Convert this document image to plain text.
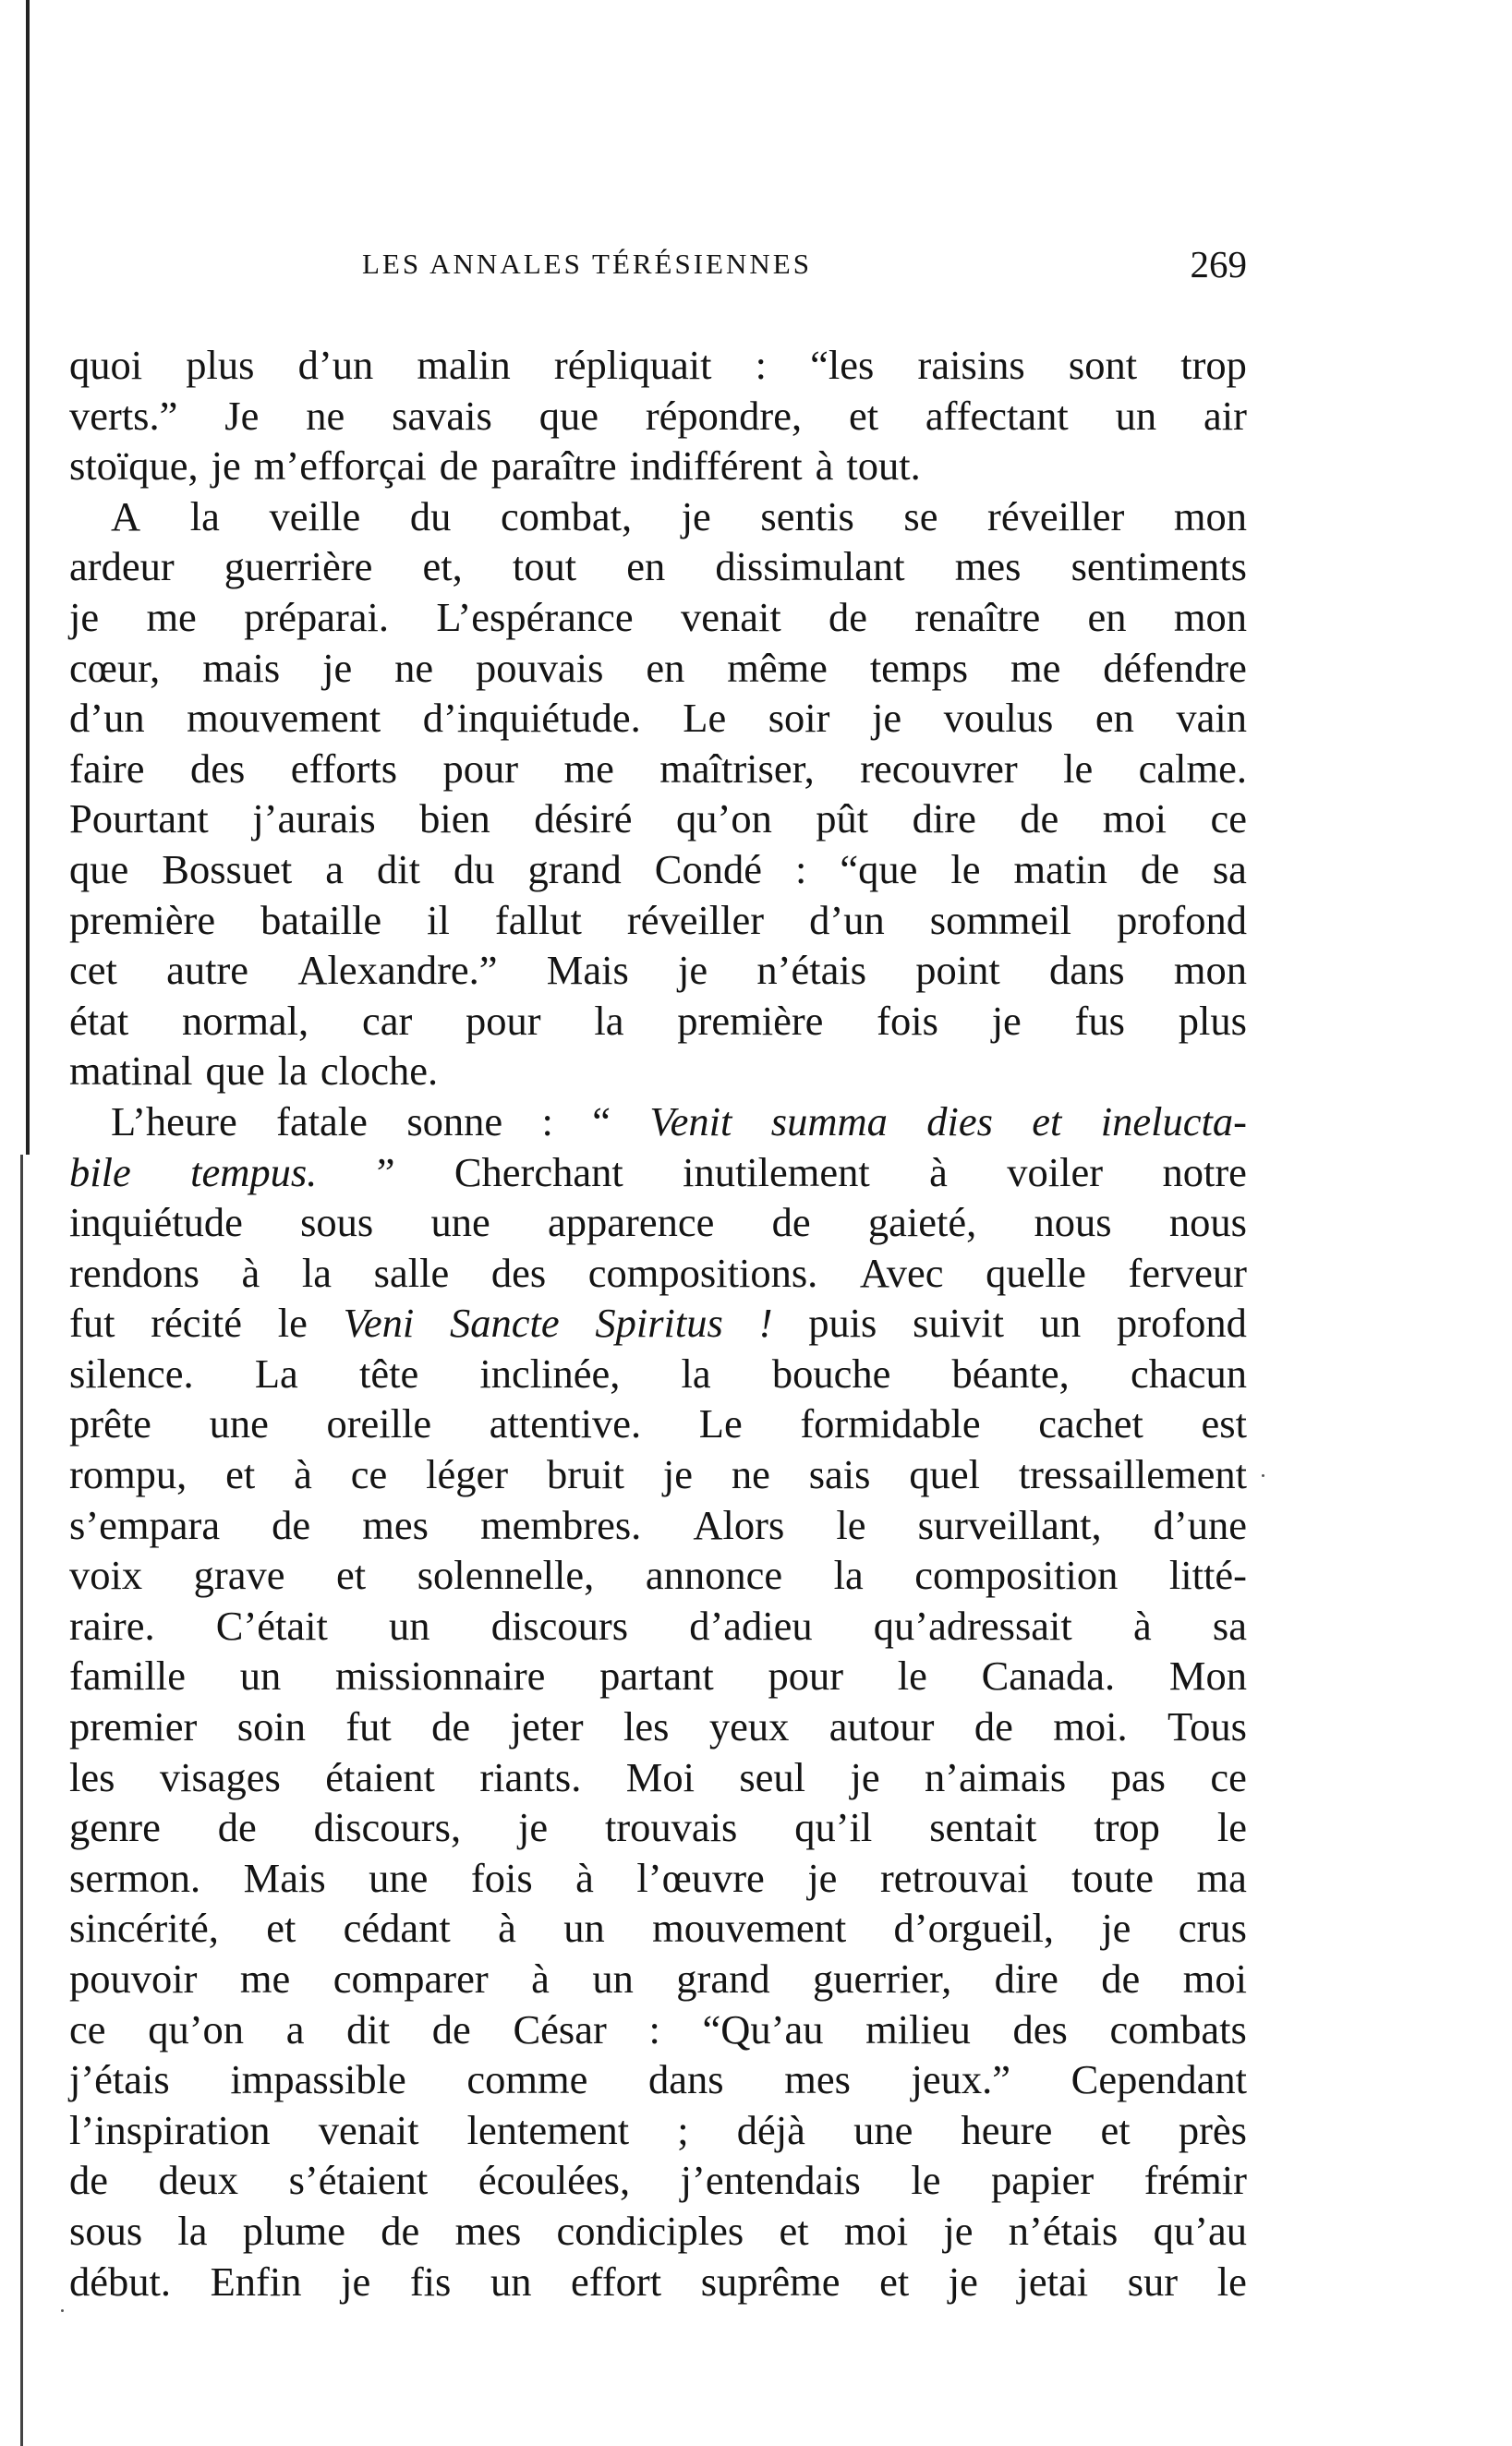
LES ANNALES TÉRÉSIENNES	269
quoi plus d’un malin répliquait : “les raisins sont trop
verts.” Je ne savais que répondre, et affectant un air
stoïque, je m’efforçai de paraître indifférent à tout.
A la veille du combat, je sentis se réveiller mon
ardeur guerrière et, tout en dissimulant mes sentiments
je me préparai. L’espérance venait de renaître en mon
cœur, mais je ne pouvais en même temps me défendre
d’un mouvement d’inquiétude. Le soir je voulus en vain
faire des efforts pour me maîtriser, recouvrer le calme.
Pourtant j’aurais bien désiré qu’on pût dire de moi ce
que Bossuet a dit du grand Condé : “que le matin de sa
première bataille il fallut réveiller d’un sommeil profond
cet autre Alexandre.” Mais je n’étais point dans mon
état normal, car pour la première fois je fus plus
matinal que la cloche.
L’heure fatale sonne : “ Venit summa dies et ineluctа-
bile tempus. ” Cherchant inutilement à voiler notre
inquiétude sous une apparence de gaieté, nous nous
rendons à la salle des compositions. Avec quelle ferveur
fut récité le Veni Sancte Spiritus ! puis suivit un profond
silence. La tête inclinée, la bouche béante, chacun
prête une oreille attentive. Le formidable cachet est
rompu, et à ce léger bruit je ne sais quel tressaillement
s’empara de mes membres. Alors le surveillant, d’une
voix grave et solennelle, annonce la composition litté-
raire. C’était un discours d’adieu qu’adressait à sa
famille un missionnaire partant pour le Canada. Mon
premier soin fut de jeter les yeux autour de moi. Tous
les visages étaient riants. Moi seul je n’aimais pas ce
genre de discours, je trouvais qu’il sentait trop le
sermon. Mais une fois à l’œuvre je retrouvai toute ma
sincérité, et cédant à un mouvement d’orgueil, je crus
pouvoir me comparer à un grand guerrier, dire de moi
ce qu’on a dit de César : “Qu’au milieu des combats
j’étais impassible comme dans mes jeux.” Cependant
l’inspiration venait lentement ; déjà une heure et près
de deux s’étaient écoulées, j’entendais le papier frémir
sous la plume de mes condiciples et moi je n’étais qu’au
début. Enfin je fis un effort suprême et je jetai sur le
